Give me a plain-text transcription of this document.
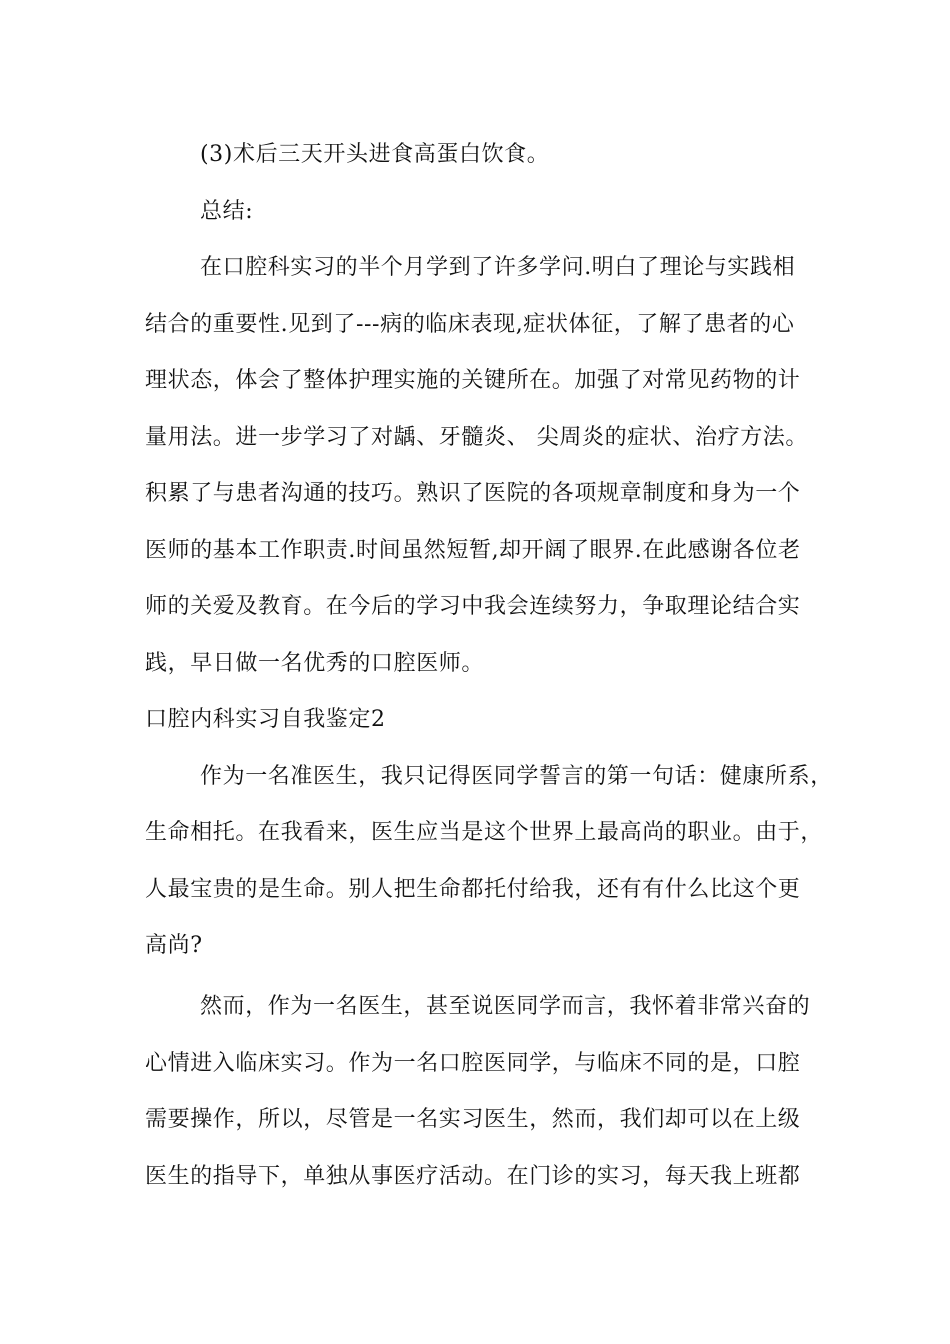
(3)术后三天开头进食高蛋白饮食。
总结:
在口腔科实习的半个月学到了许多学问.明白了理论与实践相
结合的重要性.见到了---病的临床表现,症状体征，了解了患者的心
理状态，体会了整体护理实施的关键所在。加强了对常见药物的计
量用法。进一步学习了对龋、牙髓炎、 尖周炎的症状、治疗方法。
积累了与患者沟通的技巧。熟识了医院的各项规章制度和身为一个
医师的基本工作职责.时间虽然短暂,却开阔了眼界.在此感谢各位老
师的关爱及教育。在今后的学习中我会连续努力，争取理论结合实
践，早日做一名优秀的口腔医师。
口腔内科实习自我鉴定2
作为一名准医生，我只记得医同学誓言的第一句话：健康所系，
生命相托。在我看来，医生应当是这个世界上最高尚的职业。由于，
人最宝贵的是生命。别人把生命都托付给我，还有有什么比这个更
高尚?
然而，作为一名医生，甚至说医同学而言，我怀着非常兴奋的
心情进入临床实习。作为一名口腔医同学，与临床不同的是，口腔
需要操作，所以，尽管是一名实习医生，然而，我们却可以在上级
医生的指导下，单独从事医疗活动。在门诊的实习，每天我上班都
